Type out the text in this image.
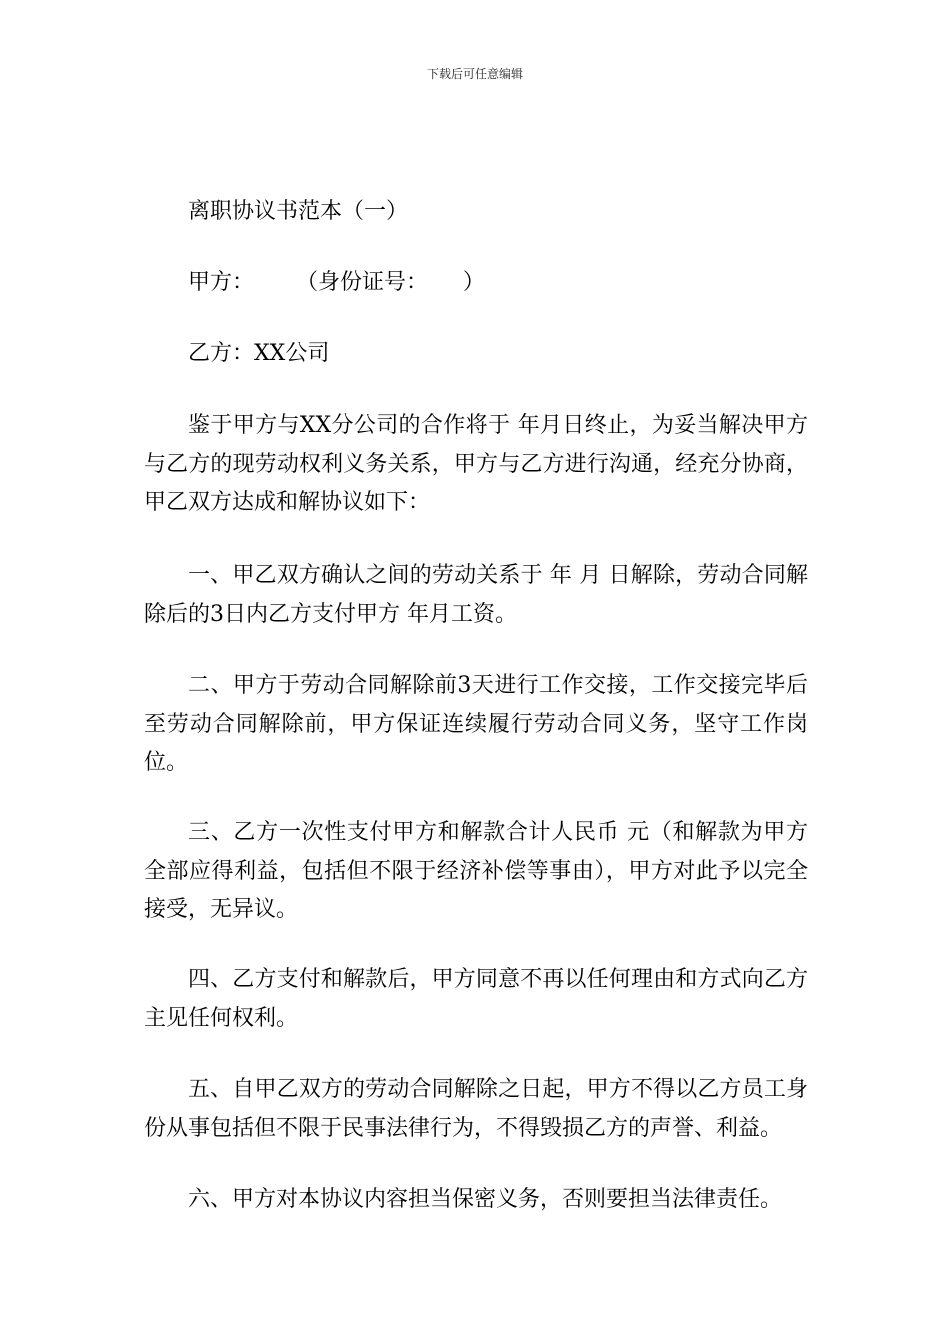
下载后可任意编辑
离职协议书范本（一）
甲方：      （身份证号：     ）
乙方：XX公司
鉴于甲方与XX分公司的合作将于 年月日终止，为妥当解决甲方与乙方的现劳动权利义务关系，甲方与乙方进行沟通，经充分协商，甲乙双方达成和解协议如下：
一、甲乙双方确认之间的劳动关系于 年 月 日解除，劳动合同解除后的3日内乙方支付甲方 年月工资。
二、甲方于劳动合同解除前3天进行工作交接，工作交接完毕后至劳动合同解除前，甲方保证连续履行劳动合同义务，坚守工作岗位。
三、乙方一次性支付甲方和解款合计人民币 元（和解款为甲方全部应得利益，包括但不限于经济补偿等事由），甲方对此予以完全接受，无异议。
四、乙方支付和解款后，甲方同意不再以任何理由和方式向乙方主见任何权利。
五、自甲乙双方的劳动合同解除之日起，甲方不得以乙方员工身份从事包括但不限于民事法律行为，不得毁损乙方的声誉、利益。
六、甲方对本协议内容担当保密义务，否则要担当法律责任。
